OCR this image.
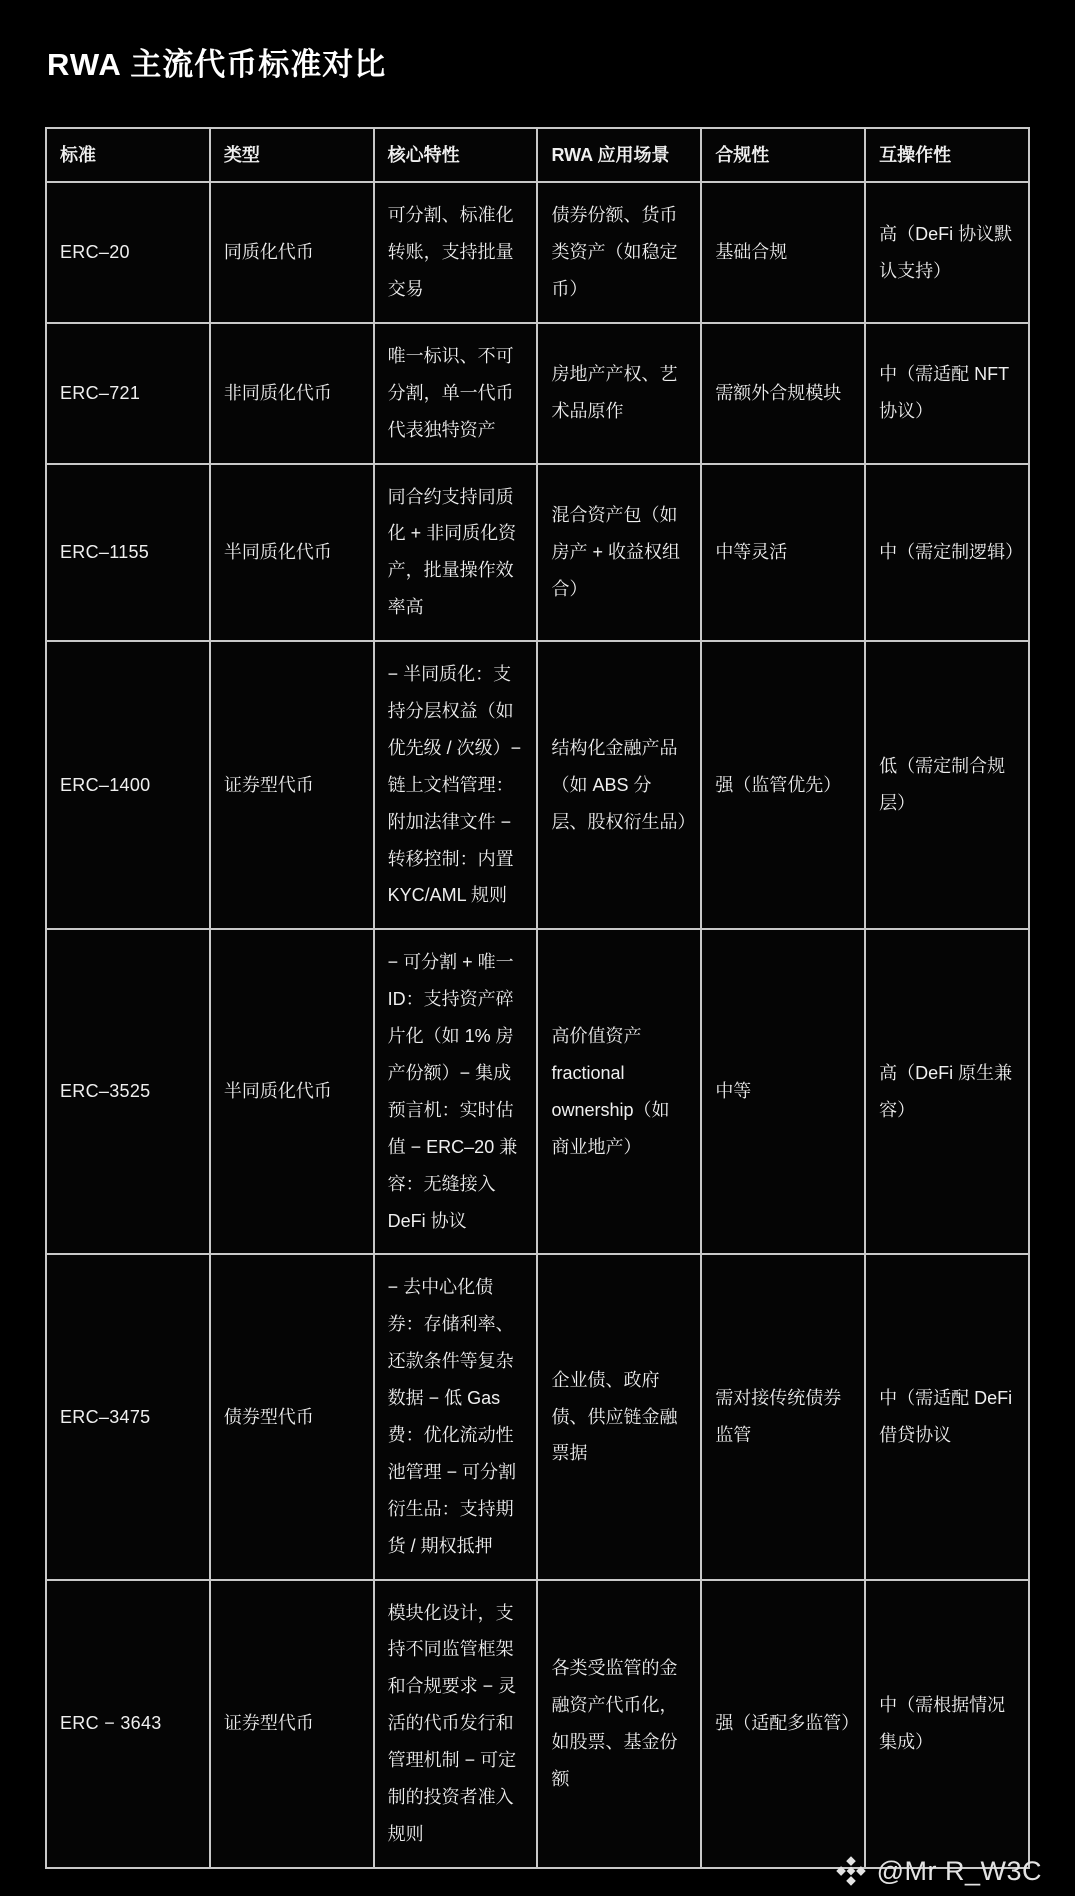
RWA 主流代币标准对比
标准	类型	核心特性	RWA 应用场景	合规性	互操作性
ERC–20	同质化代币	可分割、标准化转账，支持批量交易	债券份额、货币类资产（如稳定币）	基础合规	高（DeFi 协议默认支持）
ERC–721	非同质化代币	唯一标识、不可分割，单一代币代表独特资产	房地产产权、艺术品原作	需额外合规模块	中（需适配 NFT 协议）
ERC–1155	半同质化代币	同合约支持同质化 + 非同质化资产，批量操作效率高	混合资产包（如房产 + 收益权组合）	中等灵活	中（需定制逻辑）
ERC–1400	证券型代币	− 半同质化：支持分层权益（如优先级 / 次级）− 链上文档管理：附加法律文件 − 转移控制：内置 KYC/AML 规则	结构化金融产品（如 ABS 分层、股权衍生品）	强（监管优先）	低（需定制合规层）
ERC–3525	半同质化代币	− 可分割 + 唯一 ID：支持资产碎片化（如 1% 房产份额）− 集成预言机：实时估值 − ERC–20 兼容：无缝接入 DeFi 协议	高价值资产 fractional ownership（如商业地产）	中等	高（DeFi 原生兼容）
ERC–3475	债券型代币	− 去中心化债券：存储利率、还款条件等复杂数据 − 低 Gas 费：优化流动性池管理 − 可分割衍生品：支持期货 / 期权抵押	企业债、政府债、供应链金融票据	需对接传统债券监管	中（需适配 DeFi 借贷协议
ERC − 3643	证券型代币	模块化设计，支持不同监管框架和合规要求 − 灵活的代币发行和管理机制 − 可定制的投资者准入规则	各类受监管的金融资产代币化，如股票、基金份额	强（适配多监管）	中（需根据情况集成）
@Mr R_W3C
